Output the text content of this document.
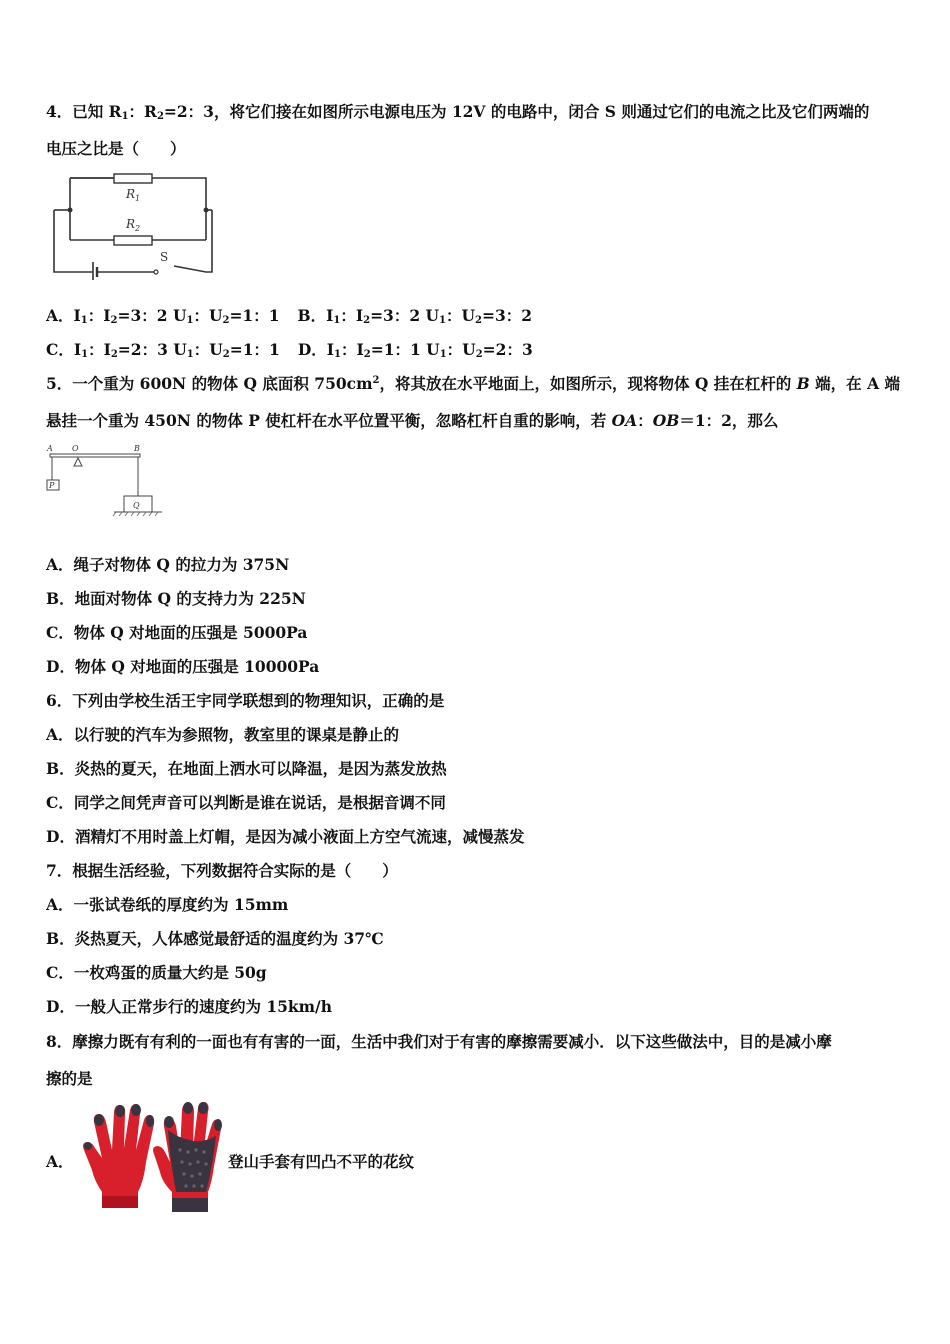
4．已知 $R_1$：$R_2=2$：3，将它们接在如图所示电源电压为 12V 的电路中，闭合 S 则通过它们的电流之比及它们两端的
电压之比是（　　）
$R_1$
$R_2$
S
A．$I_1$：$I_2=3$：2 $U_1$：$U_2=1$：1 B．$I_1$：$I_2=3$：2 $U_1$：$U_2=3$：2
C．$I_1$：$I_2=2$：3 $U_1$：$U_2=1$：1 D．$I_1$：$I_2=1$：1 $U_1$：$U_2=2$：3
5．一个重为 600N 的物体 Q 底面积 $750cm^2$，将其放在水平地面上，如图所示，现将物体 Q 挂在杠杆的 B 端，在 A 端
悬挂一个重为 450N 的物体 P 使杠杆在水平位置平衡，忽略杠杆自重的影响，若 OA：OB＝1：2，那么
A O	B
P
Q
A．绳子对物体 Q 的拉力为 375N
B．地面对物体 Q 的支持力为 225N
C．物体 Q 对地面的压强是 5000Pa
D．物体 Q 对地面的压强是 10000Pa
6．下列由学校生活王宇同学联想到的物理知识，正确的是
A．以行驶的汽车为参照物，教室里的课桌是静止的
B．炎热的夏天，在地面上洒水可以降温，是因为蒸发放热
C．同学之间凭声音可以判断是谁在说话，是根据音调不同
D．酒精灯不用时盖上灯帽，是因为减小液面上方空气流速，减慢蒸发
7．根据生活经验，下列数据符合实际的是（　　）
A．一张试卷纸的厚度约为 15mm
B．炎热夏天，人体感觉最舒适的温度约为 37℃
C．一枚鸡蛋的质量大约是 50g
D．一般人正常步行的速度约为 15km/h
8．摩擦力既有有利的一面也有有害的一面，生活中我们对于有害的摩擦需要减小．以下这些做法中，目的是减小摩
擦的是
A．	登山手套有凹凸不平的花纹
